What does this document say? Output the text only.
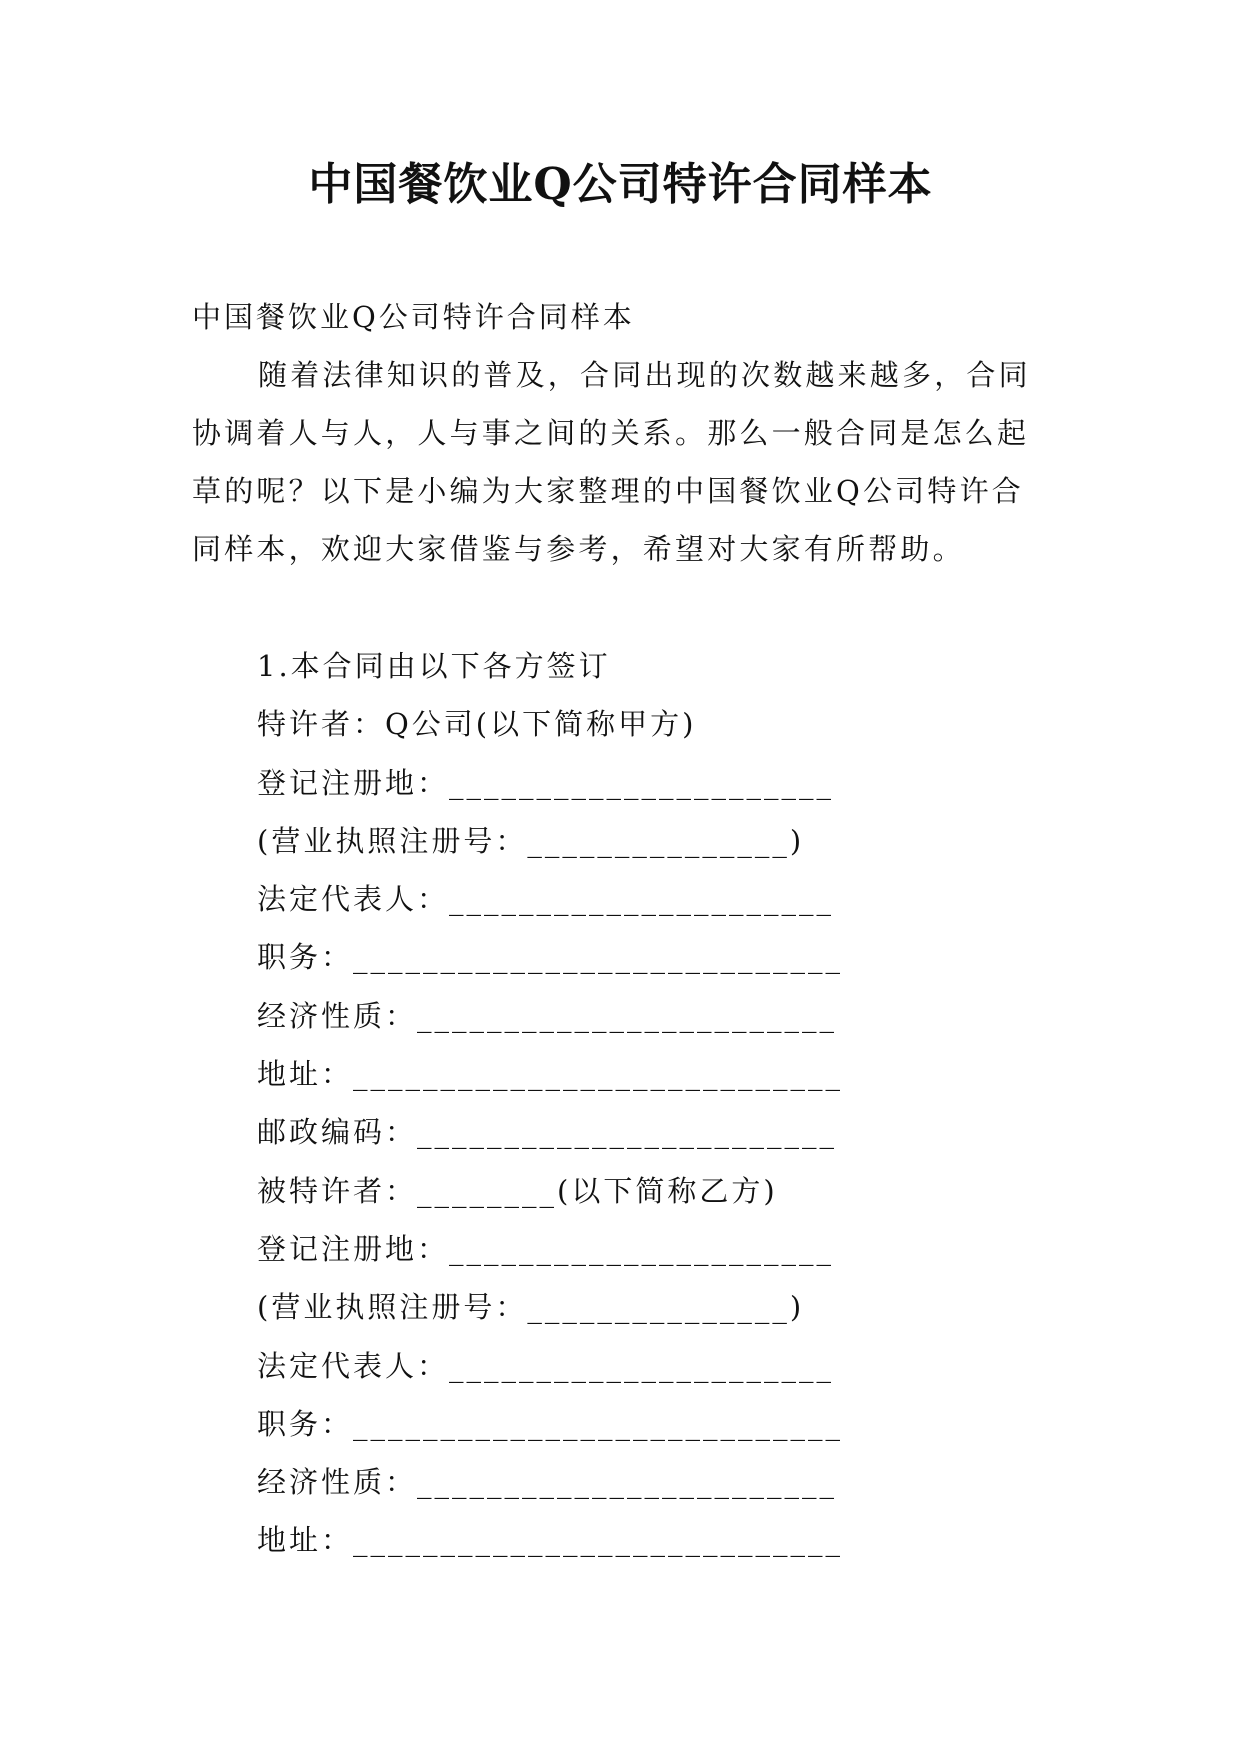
中国餐饮业Q公司特许合同样本

中国餐饮业Q公司特许合同样本

随着法律知识的普及，合同出现的次数越来越多，合同
协调着人与人，人与事之间的关系。那么一般合同是怎么起
草的呢？以下是小编为大家整理的中国餐饮业Q公司特许合
同样本，欢迎大家借鉴与参考，希望对大家有所帮助。
1.本合同由以下各方签订
特许者：Q公司(以下简称甲方)
登记注册地：______________________
(营业执照注册号：_______________)
法定代表人：______________________
职务：____________________________
经济性质：________________________
地址：____________________________
邮政编码：________________________
被特许者：________(以下简称乙方)
登记注册地：______________________
(营业执照注册号：_______________)
法定代表人：______________________
职务：____________________________
经济性质：________________________
地址：____________________________
